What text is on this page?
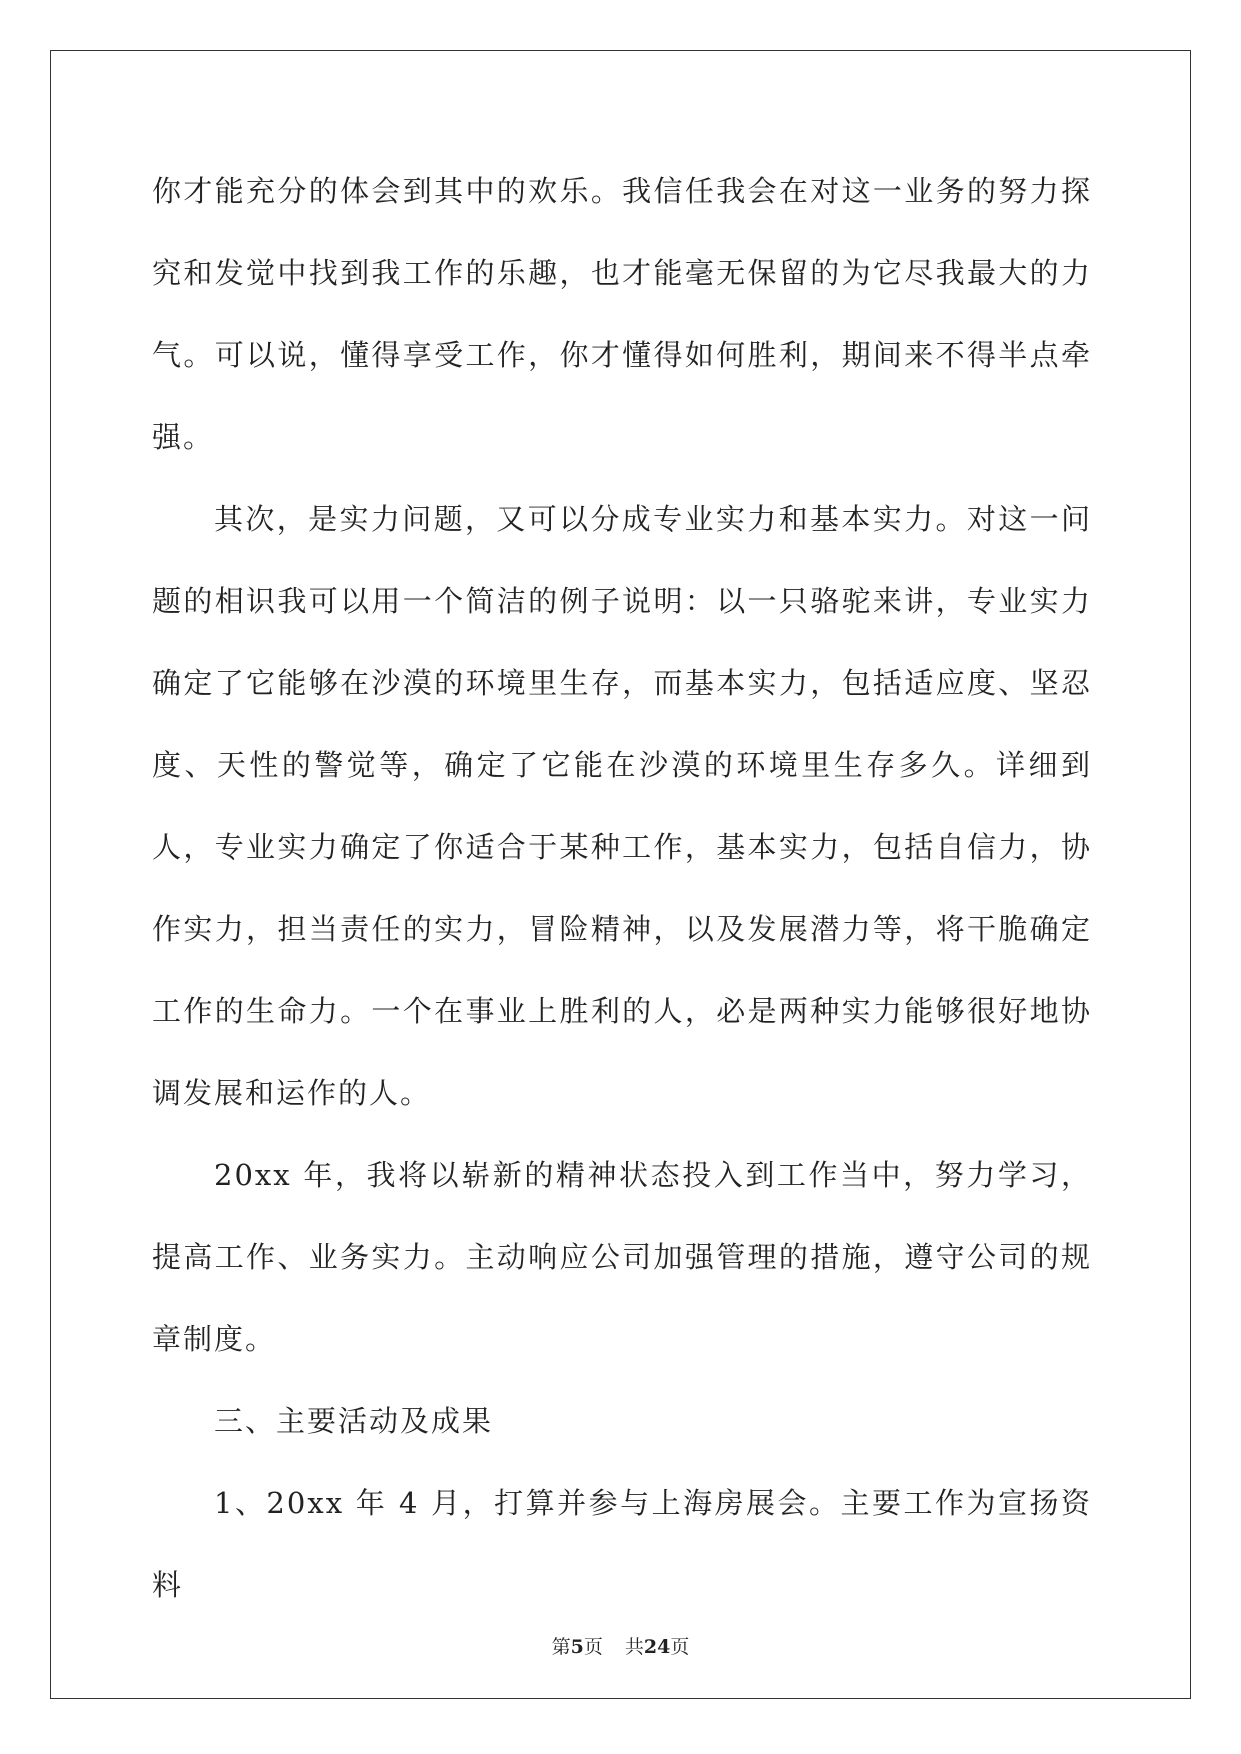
你才能充分的体会到其中的欢乐。我信任我会在对这一业务的努力探究和发觉中找到我工作的乐趣，也才能毫无保留的为它尽我最大的力气。可以说，懂得享受工作，你才懂得如何胜利，期间来不得半点牵强。

其次，是实力问题，又可以分成专业实力和基本实力。对这一问题的相识我可以用一个简洁的例子说明：以一只骆驼来讲，专业实力确定了它能够在沙漠的环境里生存，而基本实力，包括适应度、坚忍度、天性的警觉等，确定了它能在沙漠的环境里生存多久。详细到人，专业实力确定了你适合于某种工作，基本实力，包括自信力，协作实力，担当责任的实力，冒险精神，以及发展潜力等，将干脆确定工作的生命力。一个在事业上胜利的人，必是两种实力能够很好地协调发展和运作的人。

20xx 年，我将以崭新的精神状态投入到工作当中，努力学习，提高工作、业务实力。主动响应公司加强管理的措施，遵守公司的规章制度。

三、主要活动及成果

1、20xx 年 4 月，打算并参与上海房展会。主要工作为宣扬资料

第5页 共24页
